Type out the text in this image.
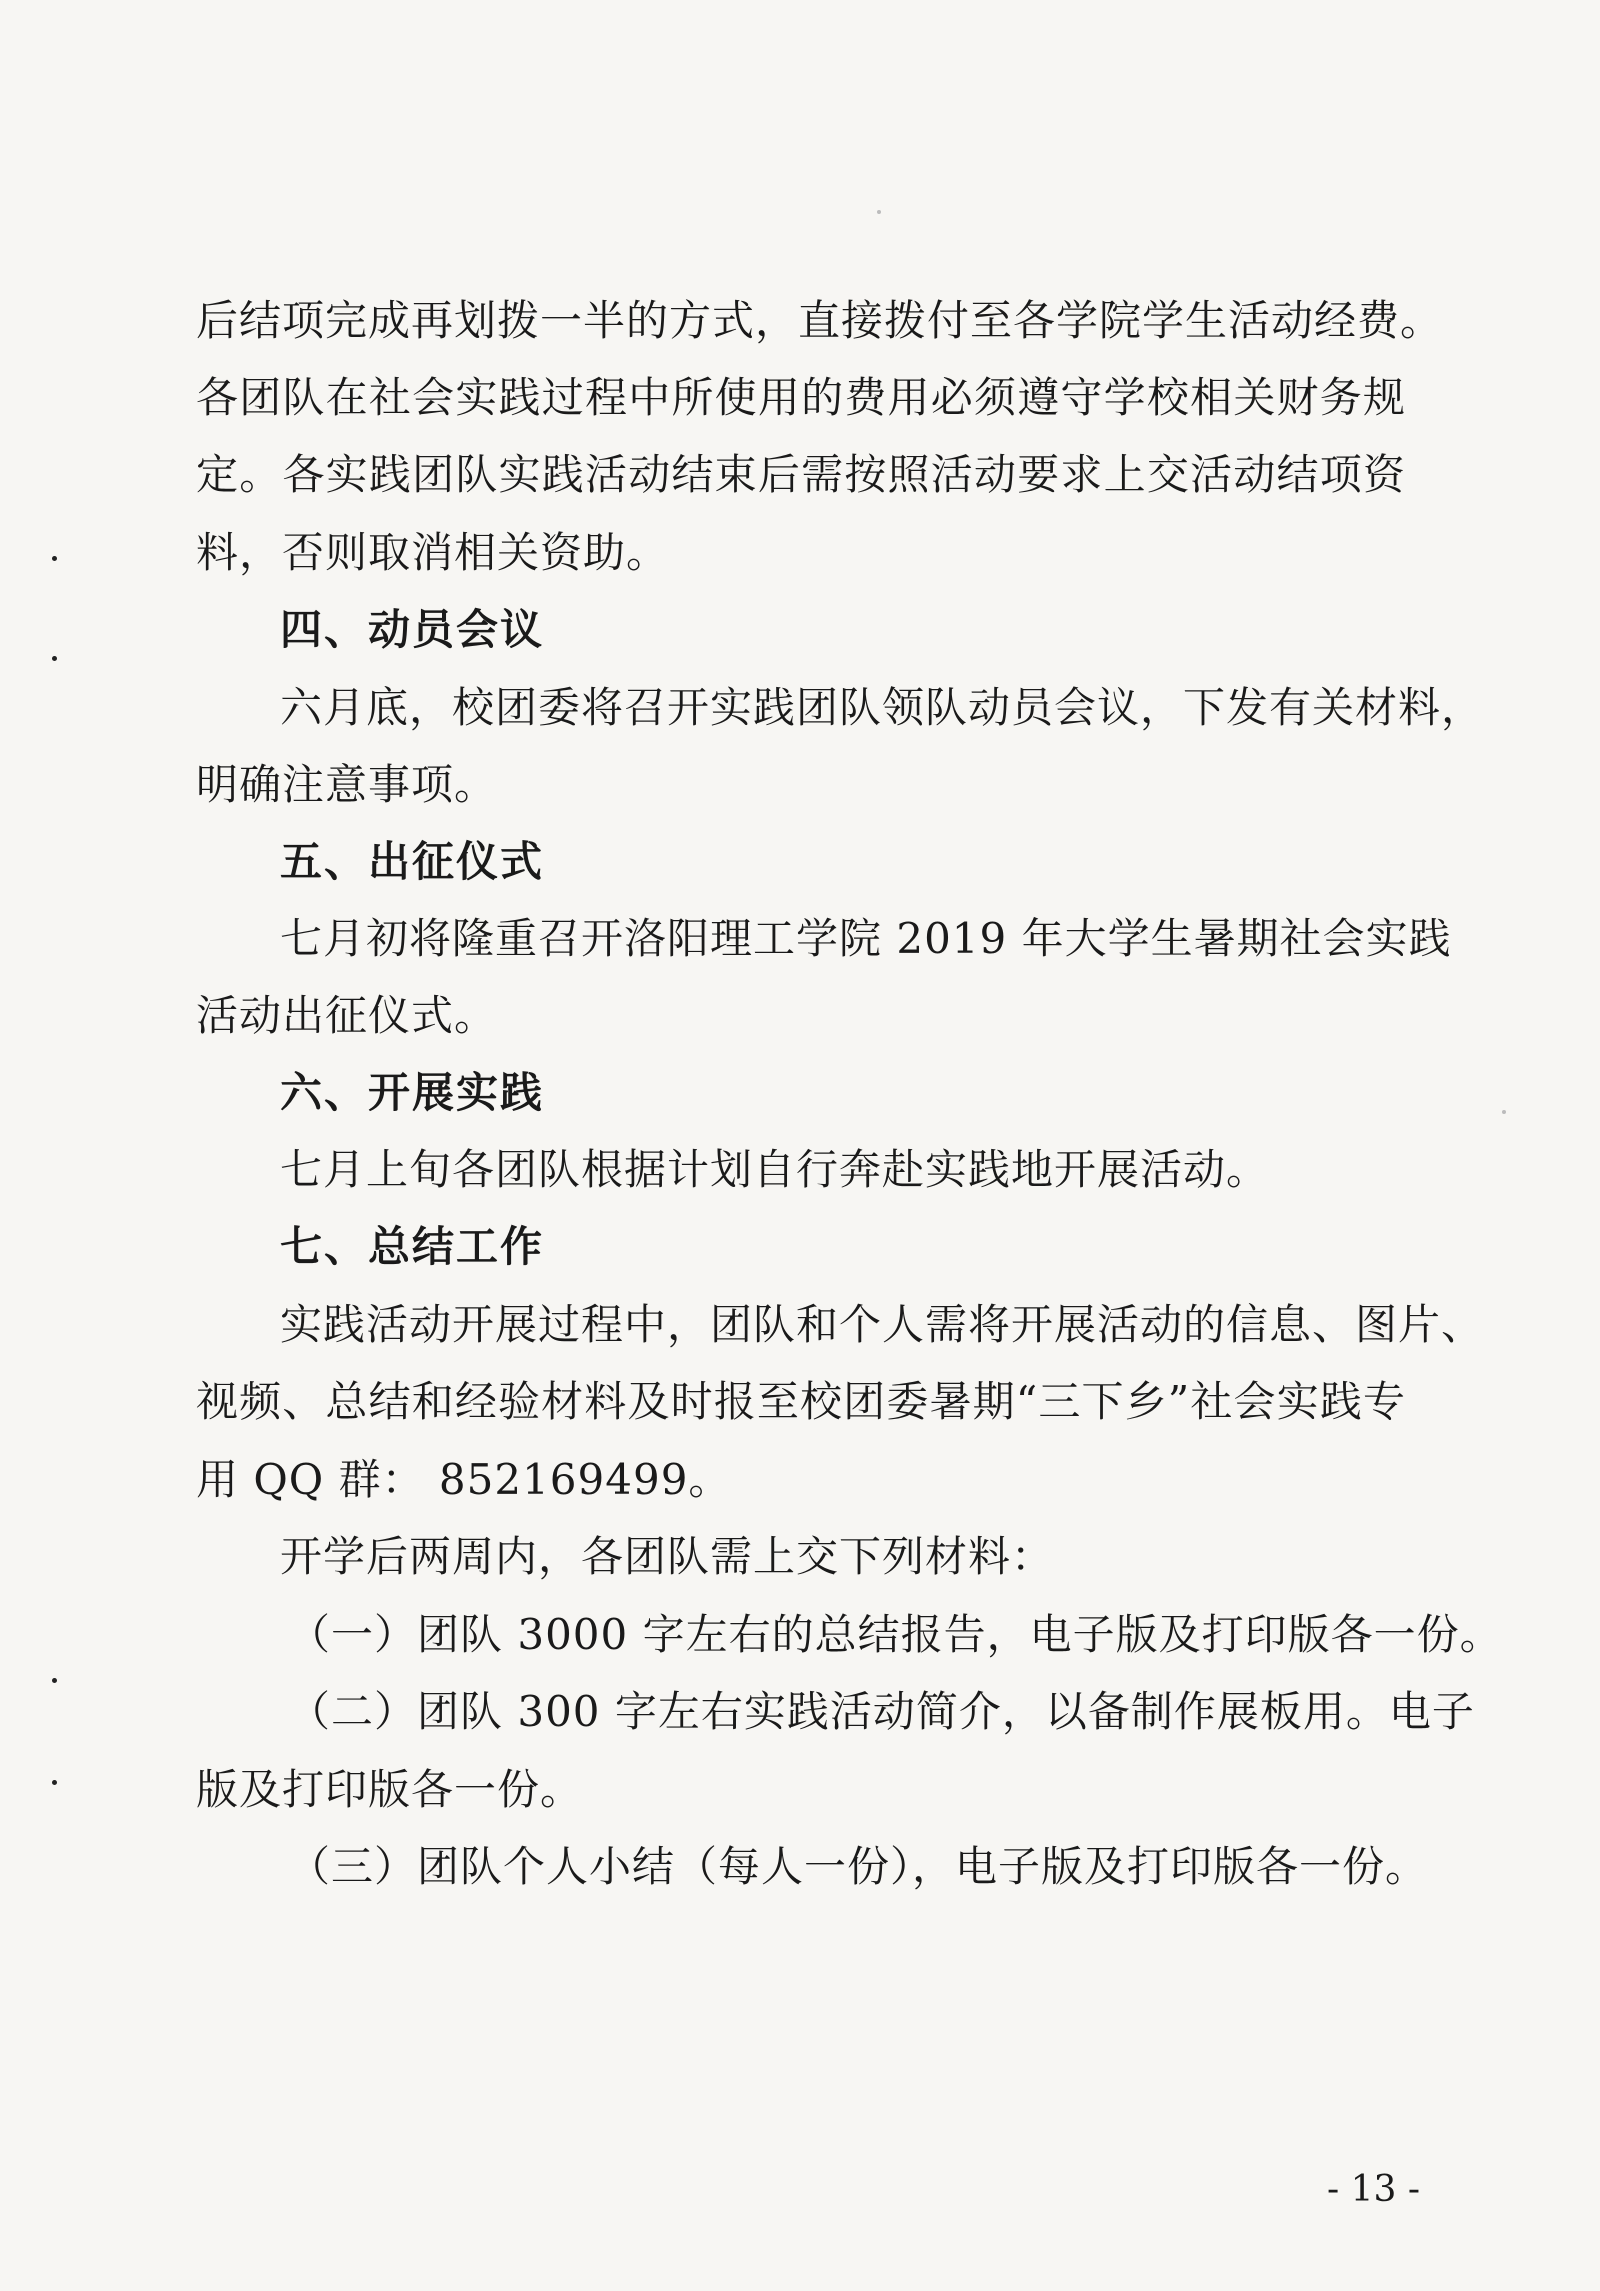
后结项完成再划拨一半的方式，直接拨付至各学院学生活动经费。
各团队在社会实践过程中所使用的费用必须遵守学校相关财务规
定。各实践团队实践活动结束后需按照活动要求上交活动结项资
料，否则取消相关资助。
四、动员会议
六月底，校团委将召开实践团队领队动员会议，下发有关材料，
明确注意事项。
五、出征仪式
七月初将隆重召开洛阳理工学院 2019 年大学生暑期社会实践
活动出征仪式。
六、开展实践
七月上旬各团队根据计划自行奔赴实践地开展活动。
七、总结工作
实践活动开展过程中，团队和个人需将开展活动的信息、图片、
视频、总结和经验材料及时报至校团委暑期“三下乡”社会实践专
用 QQ 群： 852169499。
开学后两周内，各团队需上交下列材料：
（一）团队 3000 字左右的总结报告，电子版及打印版各一份。
（二）团队 300 字左右实践活动简介，以备制作展板用。电子
版及打印版各一份。
（三）团队个人小结（每人一份），电子版及打印版各一份。
- 13 -
